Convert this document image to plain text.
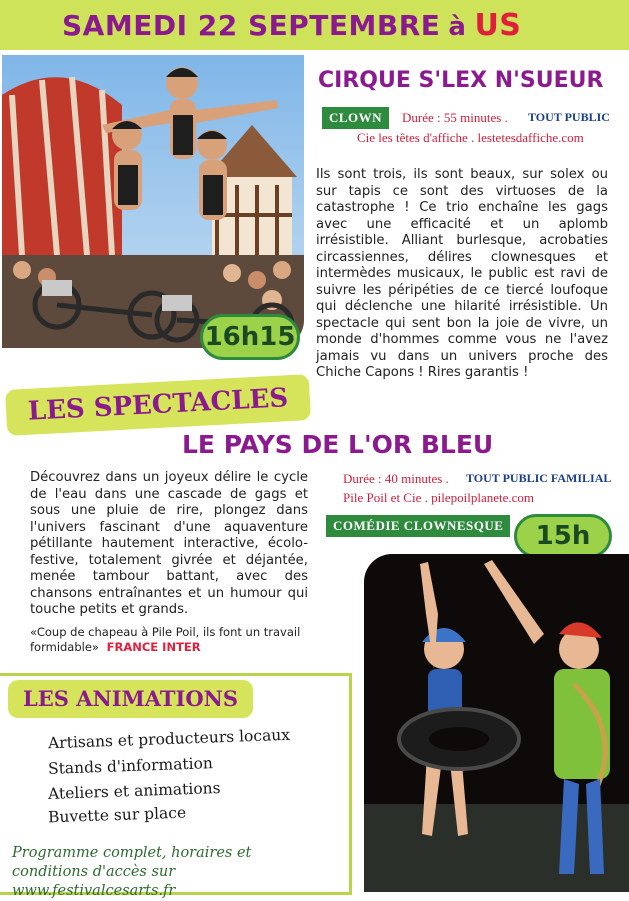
SAMEDI 22 SEPTEMBRE à US
16h15
CIRQUE S'LEX N'SUEUR
CLOWN	Durée : 55 minutes . TOUT PUBLIC
Cie les têtes d'affiche . lestetesdaffiche.com
Ils sont trois, ils sont beaux, sur solex ou sur tapis ce sont des virtuoses de la catastrophe ! Ce trio enchaîne les gags avec une efficacité et un aplomb irrésistible. Alliant burlesque, acrobaties circassiennes, délires clownesques et intermèdes musicaux, le public est ravi de suivre les péripéties de ce tiercé loufoque qui déclenche une hilarité irrésistible. Un spectacle qui sent bon la joie de vivre, un monde d'hommes comme vous ne l'avez jamais vu dans un univers proche des Chiche Capons ! Rires garantis !
LES SPECTACLES
LE PAYS DE L'OR BLEU
Découvrez dans un joyeux délire le cycle de l'eau dans une cascade de gags et sous une pluie de rire, plongez dans l'univers fascinant d'une aquaventure pétillante hautement interactive, écolo-festive, totalement givrée et déjantée, menée tambour battant, avec des chansons entraînantes et un humour qui touche petits et grands.
«Coup de chapeau à Pile Poil, ils font un travail formidable» FRANCE INTER
Durée : 40 minutes . TOUT PUBLIC FAMILIAL
Pile Poil et Cie . pilepoilplanete.com
COMÉDIE CLOWNESQUE	15h
LES ANIMATIONS
Artisans et producteurs locaux
Stands d'information
Ateliers et animations
Buvette sur place
Programme complet, horaires et conditions d'accès sur www.festivalcesarts.fr
